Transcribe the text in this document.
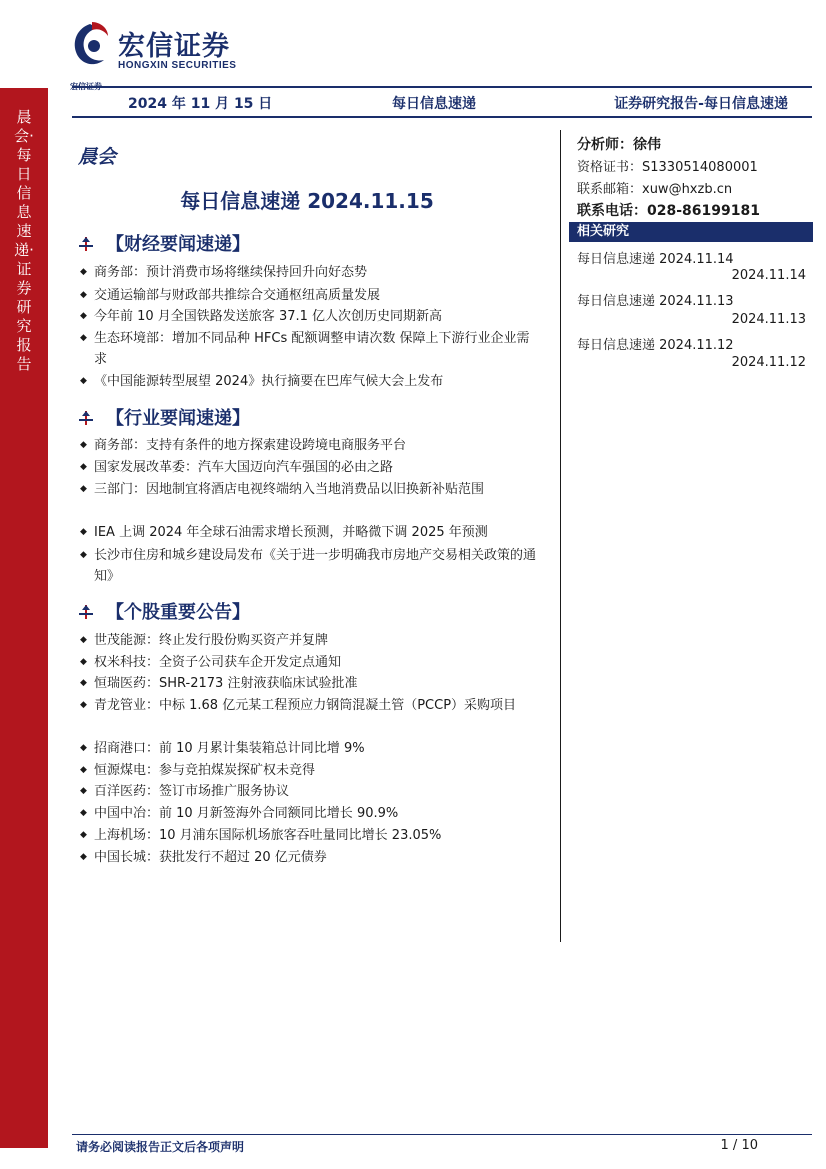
宏信证券
HONGXIN SECURITIES
宏信证券
2024 年 11 月 15 日	每日信息速递	证券研究报告-每日信息速递
晨会·每日信息速递·证券研究报告
晨会
每日信息速递 2024.11.15
【财经要闻速递】
◆ 商务部：预计消费市场将继续保持回升向好态势
◆ 交通运输部与财政部共推综合交通枢纽高质量发展
◆ 今年前 10 月全国铁路发送旅客 37.1 亿人次创历史同期新高
◆ 生态环境部：增加不同品种 HFCs 配额调整申请次数 保障上下游行业企业需求
◆ 《中国能源转型展望 2024》执行摘要在巴库气候大会上发布
【行业要闻速递】
◆ 商务部：支持有条件的地方探索建设跨境电商服务平台
◆ 国家发展改革委：汽车大国迈向汽车强国的必由之路
◆ 三部门：因地制宜将酒店电视终端纳入当地消费品以旧换新补贴范围
◆ IEA 上调 2024 年全球石油需求增长预测，并略微下调 2025 年预测
◆ 长沙市住房和城乡建设局发布《关于进一步明确我市房地产交易相关政策的通知》
【个股重要公告】
◆ 世茂能源：终止发行股份购买资产并复牌
◆ 权米科技：全资子公司获车企开发定点通知
◆ 恒瑞医药：SHR-2173 注射液获临床试验批准
◆ 青龙管业：中标 1.68 亿元某工程预应力钢筒混凝土管（PCCP）采购项目
◆ 招商港口：前 10 月累计集装箱总计同比增 9%
◆ 恒源煤电：参与竞拍煤炭探矿权未竞得
◆ 百洋医药：签订市场推广服务协议
◆ 中国中冶：前 10 月新签海外合同额同比增长 90.9%
◆ 上海机场：10 月浦东国际机场旅客吞吐量同比增长 23.05%
◆ 中国长城：获批发行不超过 20 亿元债券
分析师：徐伟
资格证书：S1330514080001
联系邮箱：xuw@hxzb.cn
联系电话：028-86199181
相关研究
每日信息速递 2024.11.14
2024.11.14
每日信息速递 2024.11.13
2024.11.13
每日信息速递 2024.11.12
2024.11.12
请务必阅读报告正文后各项声明	1 / 10
